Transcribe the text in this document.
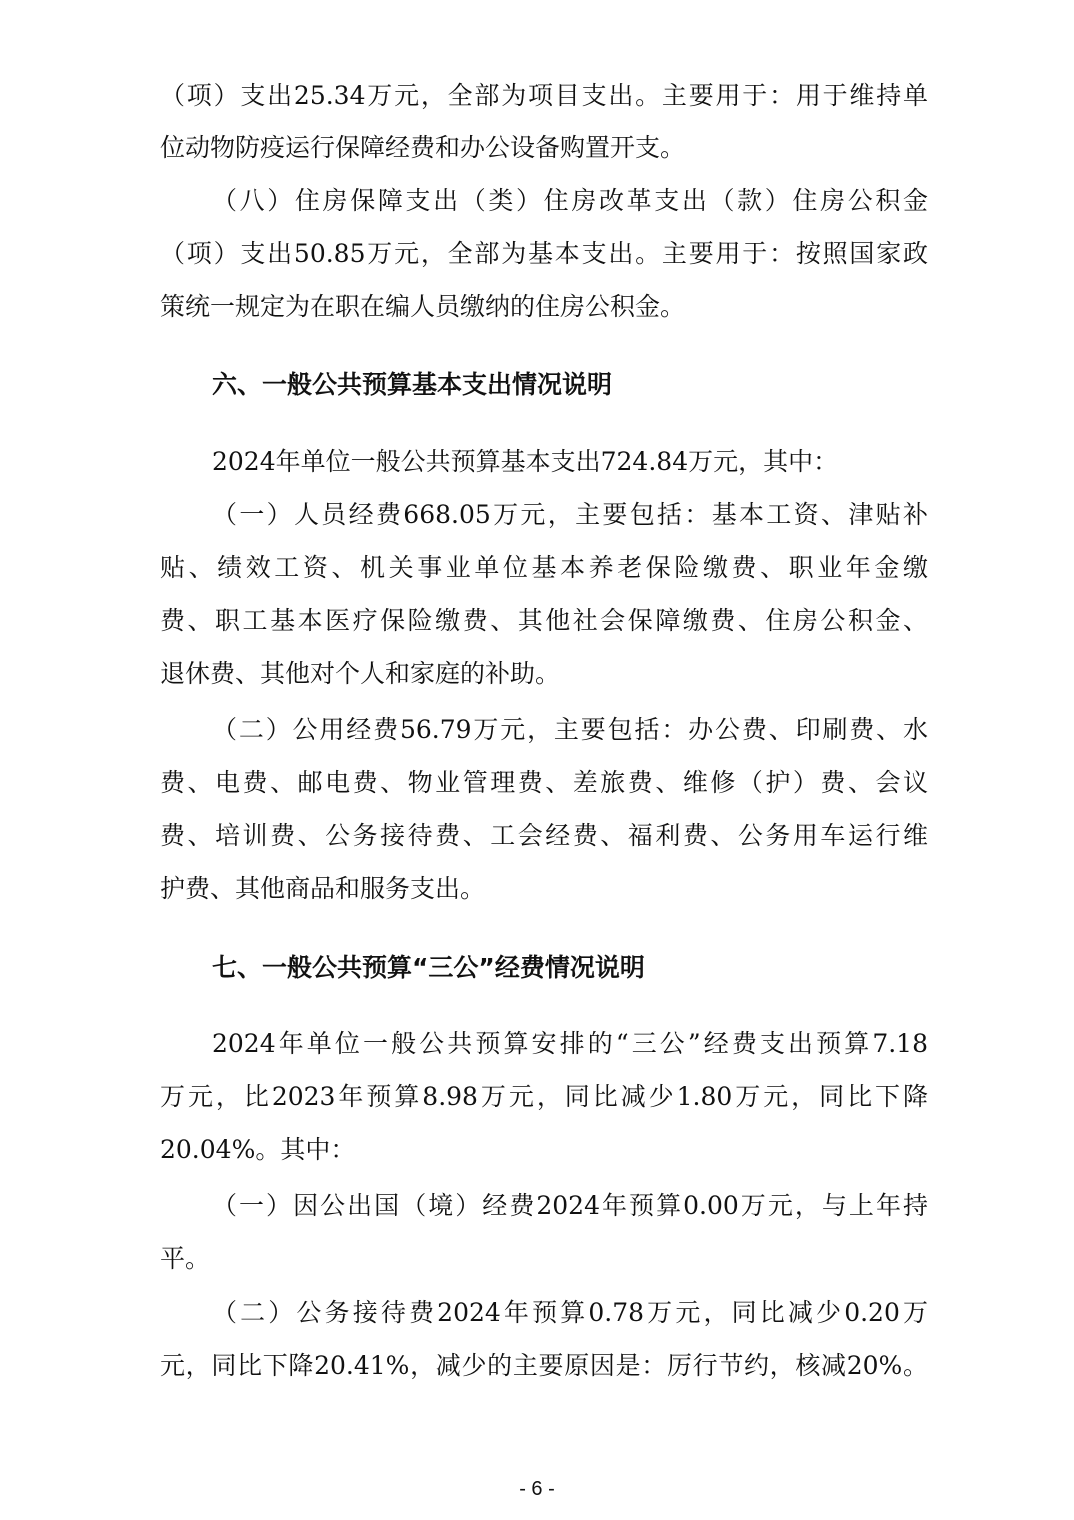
（项）支出25.34万元，全部为项目支出。主要用于：用于维持单
位动物防疫运行保障经费和办公设备购置开支。
（八）住房保障支出（类）住房改革支出（款）住房公积金
（项）支出50.85万元，全部为基本支出。主要用于：按照国家政
策统一规定为在职在编人员缴纳的住房公积金。
六、一般公共预算基本支出情况说明
2024年单位一般公共预算基本支出724.84万元，其中：
（一）人员经费668.05万元，主要包括：基本工资、津贴补
贴、绩效工资、机关事业单位基本养老保险缴费、职业年金缴
费、职工基本医疗保险缴费、其他社会保障缴费、住房公积金、
退休费、其他对个人和家庭的补助。
（二）公用经费56.79万元，主要包括：办公费、印刷费、水
费、电费、邮电费、物业管理费、差旅费、维修（护）费、会议
费、培训费、公务接待费、工会经费、福利费、公务用车运行维
护费、其他商品和服务支出。
七、一般公共预算“三公”经费情况说明
2024年单位一般公共预算安排的“三公”经费支出预算7.18
万元，比2023年预算8.98万元，同比减少1.80万元，同比下降
20.04%。其中：
（一）因公出国（境）经费2024年预算0.00万元，与上年持
平。
（二）公务接待费2024年预算0.78万元，同比减少0.20万
元，同比下降20.41%，减少的主要原因是：厉行节约，核减20%。
- 6 -
